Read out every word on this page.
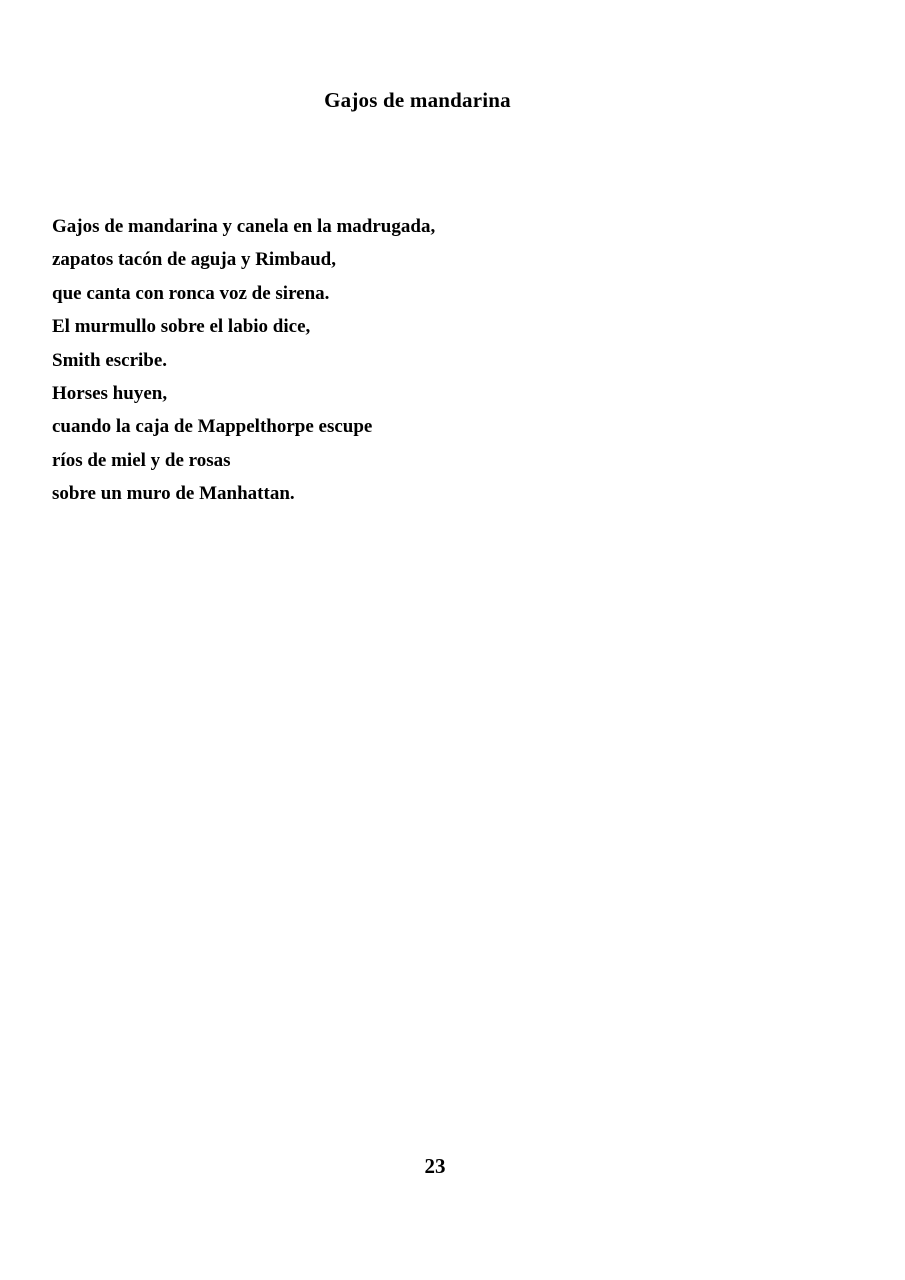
Gajos de mandarina
Gajos de mandarina y canela en la madrugada,
zapatos tacón de aguja y Rimbaud,
que canta con ronca voz de sirena.
El murmullo sobre el labio dice,
Smith escribe.
Horses huyen,
cuando la caja de Mappelthorpe escupe
ríos de miel y de rosas
sobre un muro de Manhattan.

23
